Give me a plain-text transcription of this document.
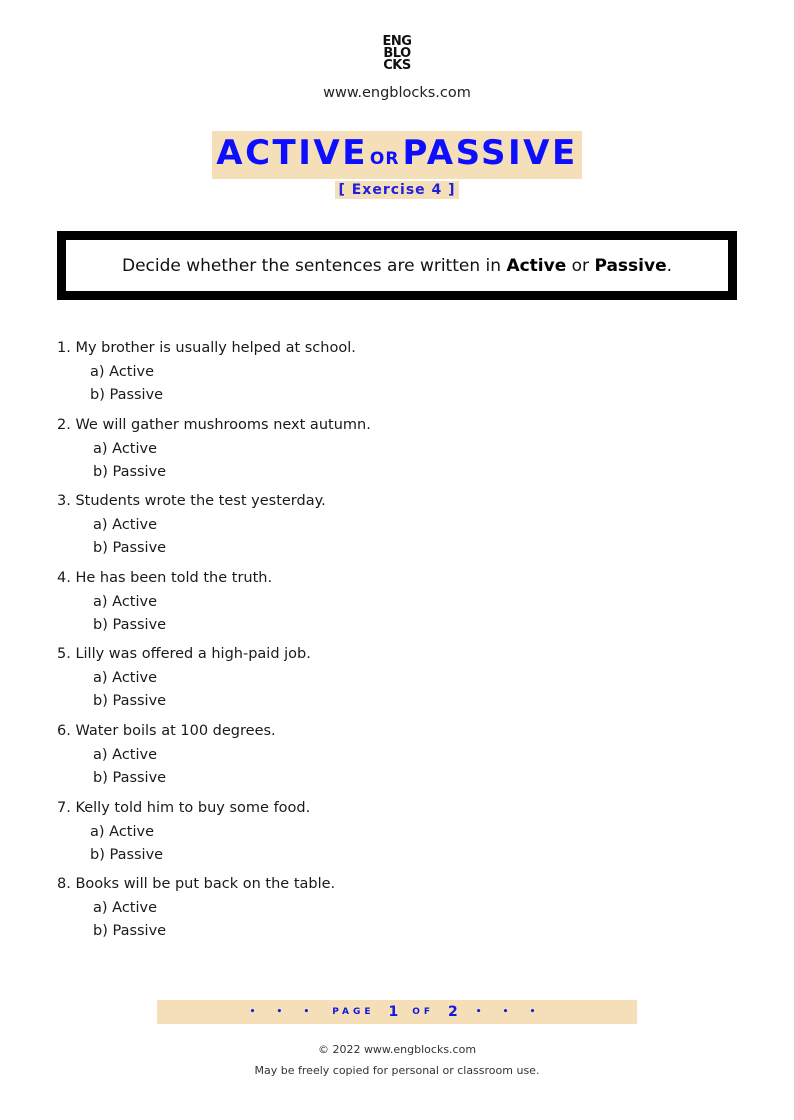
ENG
BLO
CKS
www.engblocks.com
ACTIVE ORPASSIVE
[ Exercise 4 ]
Decide whether the sentences are written in Active or Passive.
1. My brother is usually helped at school.
a) Active
b) Passive
2. We will gather mushrooms next autumn.
a) Active
b) Passive
3. Students wrote the test yesterday.
a) Active
b) Passive
4. He has been told the truth.
a) Active
b) Passive
5. Lilly was offered a high-paid job.
a) Active
b) Passive
6. Water boils at 100 degrees.
a) Active
b) Passive
7. Kelly told him to buy some food.
a) Active
b) Passive
8. Books will be put back on the table.
a) Active
b) Passive
• • • PAGE 1 OF 2 • • •
© 2022 www.engblocks.com
May be freely copied for personal or classroom use.
